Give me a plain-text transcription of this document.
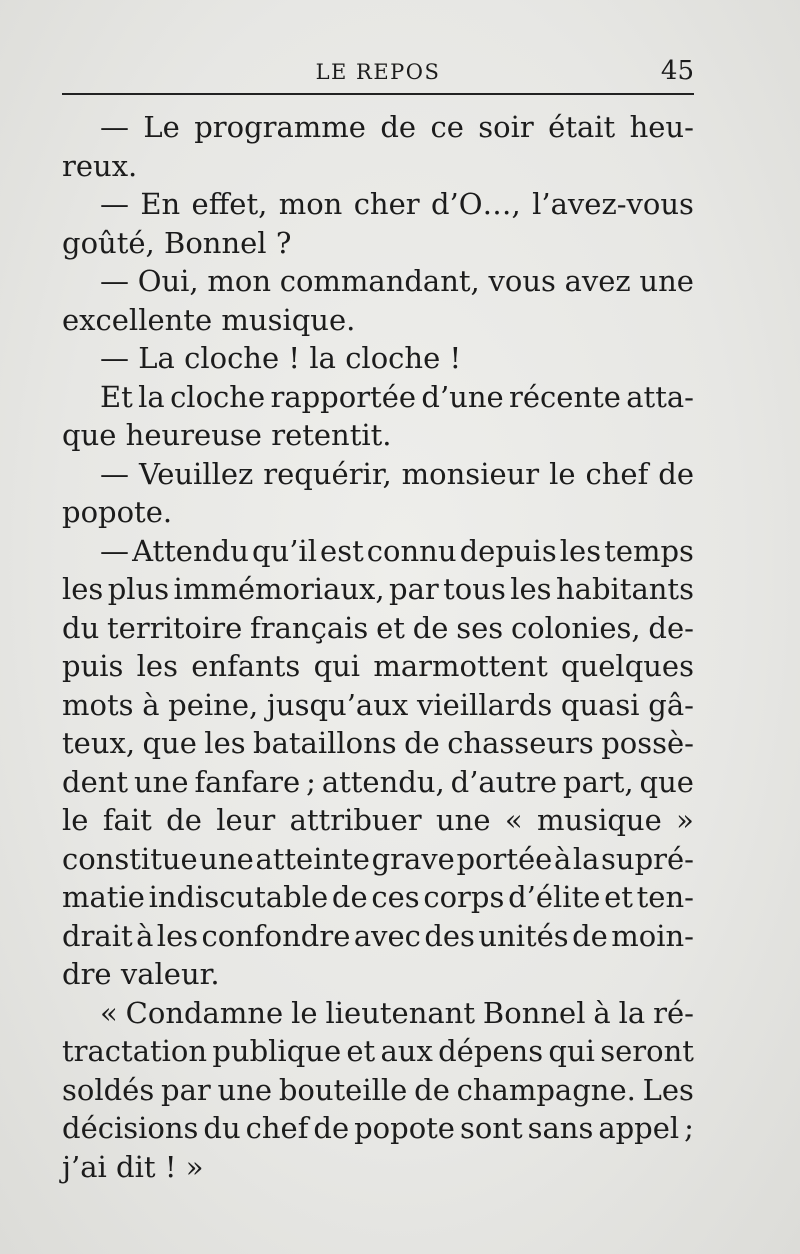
LE REPOS	45
— Le programme de ce soir était heu-
reux.
— En effet, mon cher d’O…, l’avez-vous
goûté, Bonnel ?
— Oui, mon commandant, vous avez une
excellente musique.
— La cloche ! la cloche !
Et la cloche rapportée d’une récente atta-
que heureuse retentit.
— Veuillez requérir, monsieur le chef de
popote.
— Attendu qu’il est connu depuis les temps
les plus immémoriaux, par tous les habitants
du territoire français et de ses colonies, de-
puis les enfants qui marmottent quelques
mots à peine, jusqu’aux vieillards quasi gâ-
teux, que les bataillons de chasseurs possè-
dent une fanfare ; attendu, d’autre part, que
le fait de leur attribuer une « musique »
constitue une atteinte grave portée à la supré-
matie indiscutable de ces corps d’élite et ten-
drait à les confondre avec des unités de moin-
dre valeur.
« Condamne le lieutenant Bonnel à la ré-
tractation publique et aux dépens qui seront
soldés par une bouteille de champagne. Les
décisions du chef de popote sont sans appel ;
j’ai dit ! »
